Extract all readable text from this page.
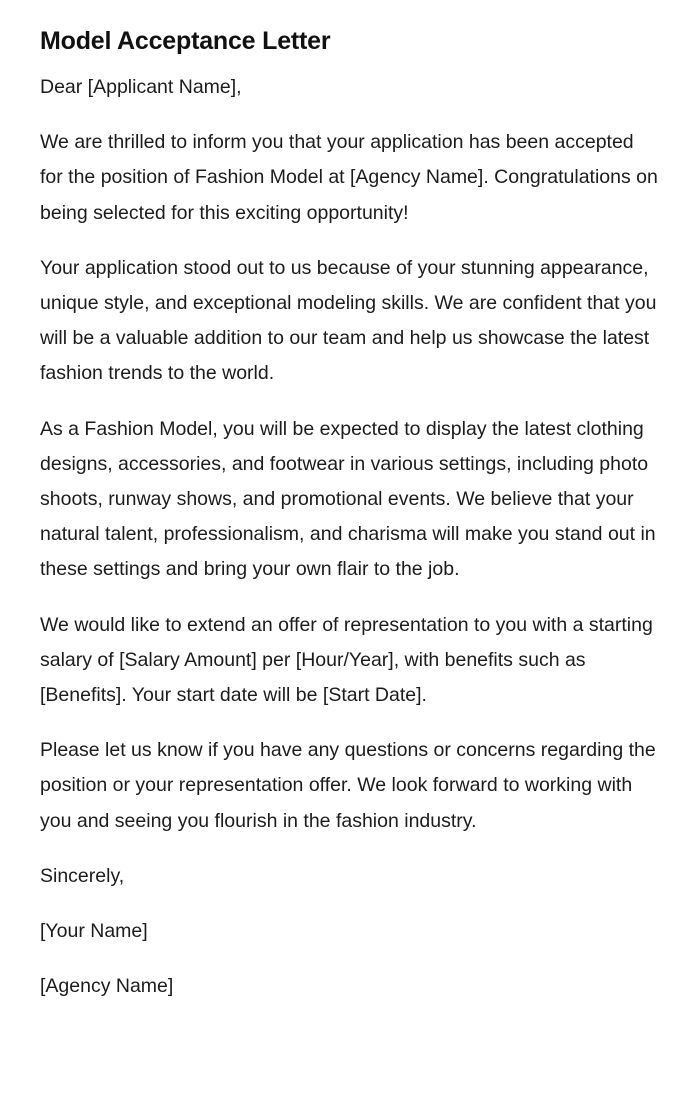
Model Acceptance Letter

Dear [Applicant Name],

We are thrilled to inform you that your application has been accepted for the position of Fashion Model at [Agency Name]. Congratulations on being selected for this exciting opportunity!

Your application stood out to us because of your stunning appearance, unique style, and exceptional modeling skills. We are confident that you will be a valuable addition to our team and help us showcase the latest fashion trends to the world.

As a Fashion Model, you will be expected to display the latest clothing designs, accessories, and footwear in various settings, including photo shoots, runway shows, and promotional events. We believe that your natural talent, professionalism, and charisma will make you stand out in these settings and bring your own flair to the job.

We would like to extend an offer of representation to you with a starting salary of [Salary Amount] per [Hour/Year], with benefits such as [Benefits]. Your start date will be [Start Date].

Please let us know if you have any questions or concerns regarding the position or your representation offer. We look forward to working with you and seeing you flourish in the fashion industry.

Sincerely,

[Your Name]

[Agency Name]
